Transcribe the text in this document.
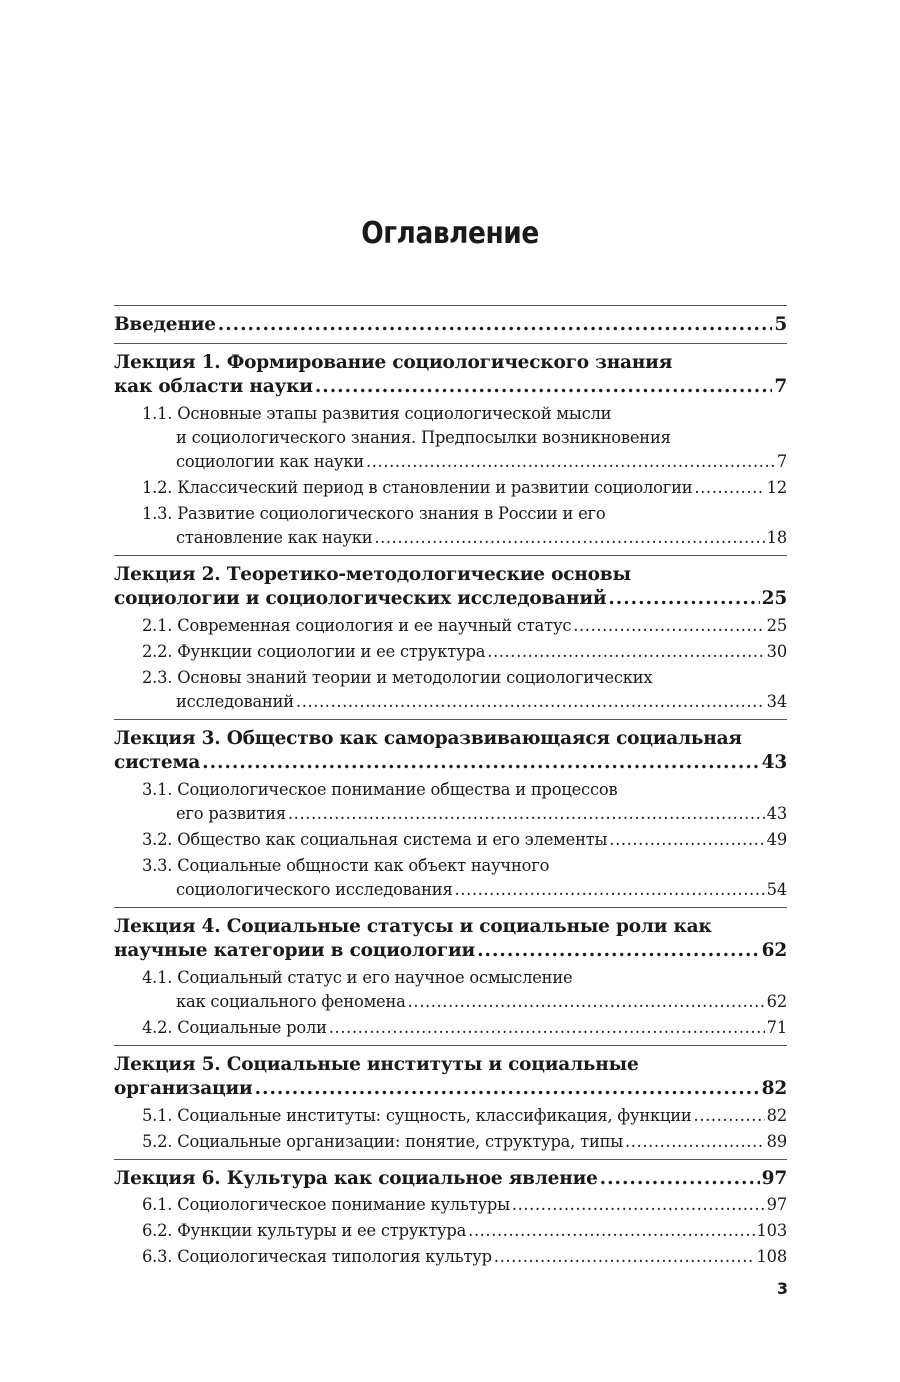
Оглавление
Введение .....	5
Лекция 1. Формирование социологического знания
как области науки .....	7
1.1. Основные этапы развития социологической мысли
и социологического знания. Предпосылки возникновения
социологии как науки .....	7
1.2. Классический период в становлении и развитии социологии .....	12
1.3. Развитие социологического знания в России и его
становление как науки .....	18
Лекция 2. Теоретико-методологические основы
социологии и социологических исследований .....	25
2.1. Современная социология и ее научный статус .....	25
2.2. Функции социологии и ее структура .....	30
2.3. Основы знаний теории и методологии социологических
исследований .....	34
Лекция 3. Общество как саморазвивающаяся социальная
система .....	43
3.1. Социологическое понимание общества и процессов
его развития .....	43
3.2. Общество как социальная система и его элементы .....	49
3.3. Социальные общности как объект научного
социологического исследования .....	54
Лекция 4. Социальные статусы и социальные роли как
научные категории в социологии .....	62
4.1. Социальный статус и его научное осмысление
как социального феномена .....	62
4.2. Социальные роли .....	71
Лекция 5. Социальные институты и социальные
организации .....	82
5.1. Социальные институты: сущность, классификация, функции .....	82
5.2. Социальные организации: понятие, структура, типы .....	89
Лекция 6. Культура как социальное явление .....	97
6.1. Социологическое понимание культуры .....	97
6.2. Функции культуры и ее структура .....	103
6.3. Социологическая типология культур .....	108
3
